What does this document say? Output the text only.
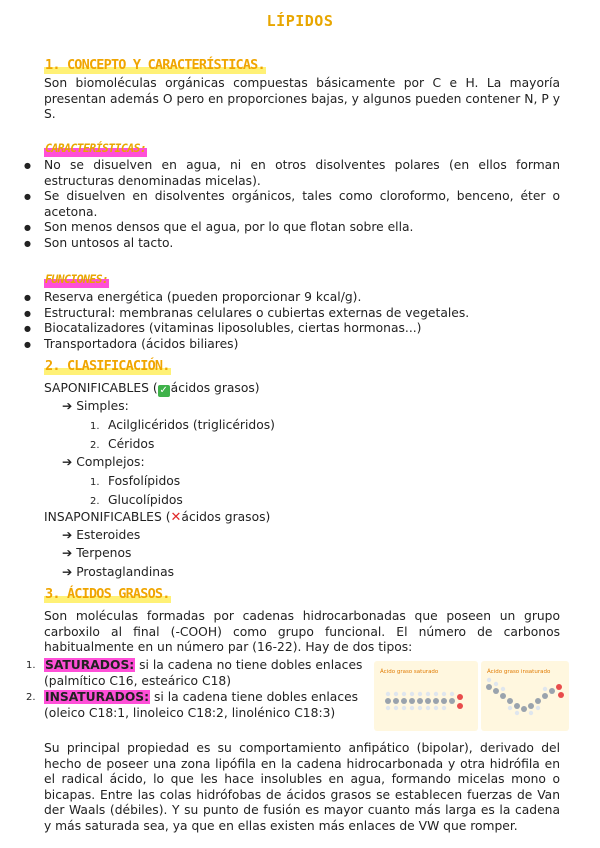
LÍPIDOS
1. CONCEPTO Y CARACTERÍSTICAS.
Son biomoléculas orgánicas compuestas básicamente por C e H. La mayoría presentan además O pero en proporciones bajas, y algunos pueden contener N, P y S.
CARACTERÍSTICAS:
● No se disuelven en agua, ni en otros disolventes polares (en ellos forman estructuras denominadas micelas).
● Se disuelven en disolventes orgánicos, tales como cloroformo, benceno, éter o acetona.
● Son menos densos que el agua, por lo que flotan sobre ella.
● Son untosos al tacto.
FUNCIONES:
● Reserva energética (pueden proporcionar 9 kcal/g).
● Estructural: membranas celulares o cubiertas externas de vegetales.
● Biocatalizadores (vitaminas liposolubles, ciertas hormonas...)
● Transportadora (ácidos biliares)
2. CLASIFICACIÓN.
SAPONIFICABLES ( ✓ ácidos grasos)
➔ Simples:
1. Acilglicéridos (triglicéridos)
2. Céridos
➔ Complejos:
1. Fosfolípidos
2. Glucolípidos
INSAPONIFICABLES (✕ácidos grasos)
➔ Esteroides
➔ Terpenos
➔ Prostaglandinas
3. ÁCIDOS GRASOS.
Son moléculas formadas por cadenas hidrocarbonadas que poseen un grupo carboxilo al final (-COOH) como grupo funcional. El número de carbonos habitualmente en un número par (16-22). Hay de dos tipos:
1. SATURADOS: si la cadena no tiene dobles enlaces (palmítico C16, esteárico C18)
2. INSATURADOS: si la cadena tiene dobles enlaces (oleico C18:1, linoleico C18:2, linolénico C18:3)
Ácido graso saturado	Ácido graso insaturado
Su principal propiedad es su comportamiento anfipático (bipolar), derivado del hecho de poseer una zona lipófila en la cadena hidrocarbonada y otra hidrófila en el radical ácido, lo que les hace insolubles en agua, formando micelas mono o bicapas. Entre las colas hidrófobas de ácidos grasos se establecen fuerzas de Van der Waals (débiles). Y su punto de fusión es mayor cuanto más larga es la cadena y más saturada sea, ya que en ellas existen más enlaces de VW que romper.
